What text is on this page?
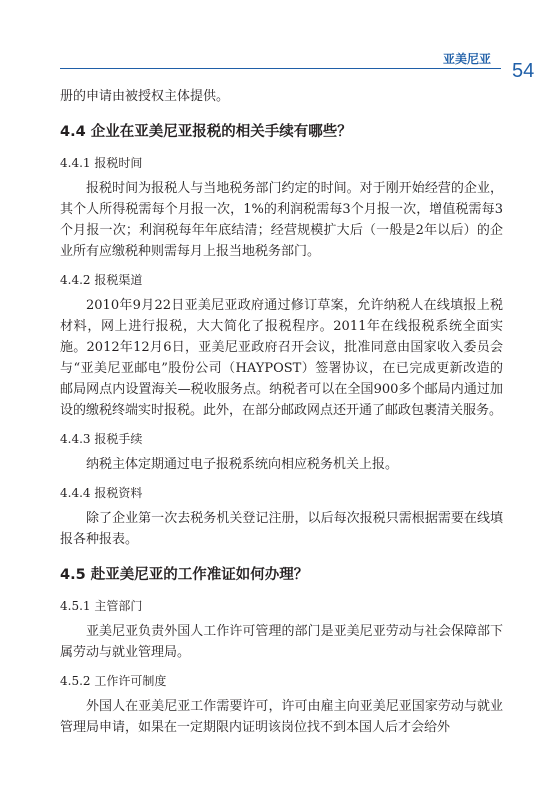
亚美尼亚
54

册的申请由被授权主体提供。

4.4 企业在亚美尼亚报税的相关手续有哪些？
4.4.1 报税时间

报税时间为报税人与当地税务部门约定的时间。对于刚开始经营的企业，其个人所得税需每个月报一次，1%的利润税需每3个月报一次，增值税需每3个月报一次；利润税每年年底结清；经营规模扩大后（一般是2年以后）的企业所有应缴税种则需每月上报当地税务部门。

4.4.2 报税渠道

2010年9月22日亚美尼亚政府通过修订草案，允许纳税人在线填报上税材料，网上进行报税，大大简化了报税程序。2011年在线报税系统全面实施。2012年12月6日，亚美尼亚政府召开会议，批准同意由国家收入委员会与“亚美尼亚邮电”股份公司（HAYPOST）签署协议，在已完成更新改造的邮局网点内设置海关—税收服务点。纳税者可以在全国900多个邮局内通过加设的缴税终端实时报税。此外，在部分邮政网点还开通了邮政包裹清关服务。

4.4.3 报税手续

纳税主体定期通过电子报税系统向相应税务机关上报。

4.4.4 报税资料

除了企业第一次去税务机关登记注册，以后每次报税只需根据需要在线填报各种报表。

4.5 赴亚美尼亚的工作准证如何办理？
4.5.1 主管部门

亚美尼亚负责外国人工作许可管理的部门是亚美尼亚劳动与社会保障部下属劳动与就业管理局。

4.5.2 工作许可制度

外国人在亚美尼亚工作需要许可，许可由雇主向亚美尼亚国家劳动与就业管理局申请，如果在一定期限内证明该岗位找不到本国人后才会给外
